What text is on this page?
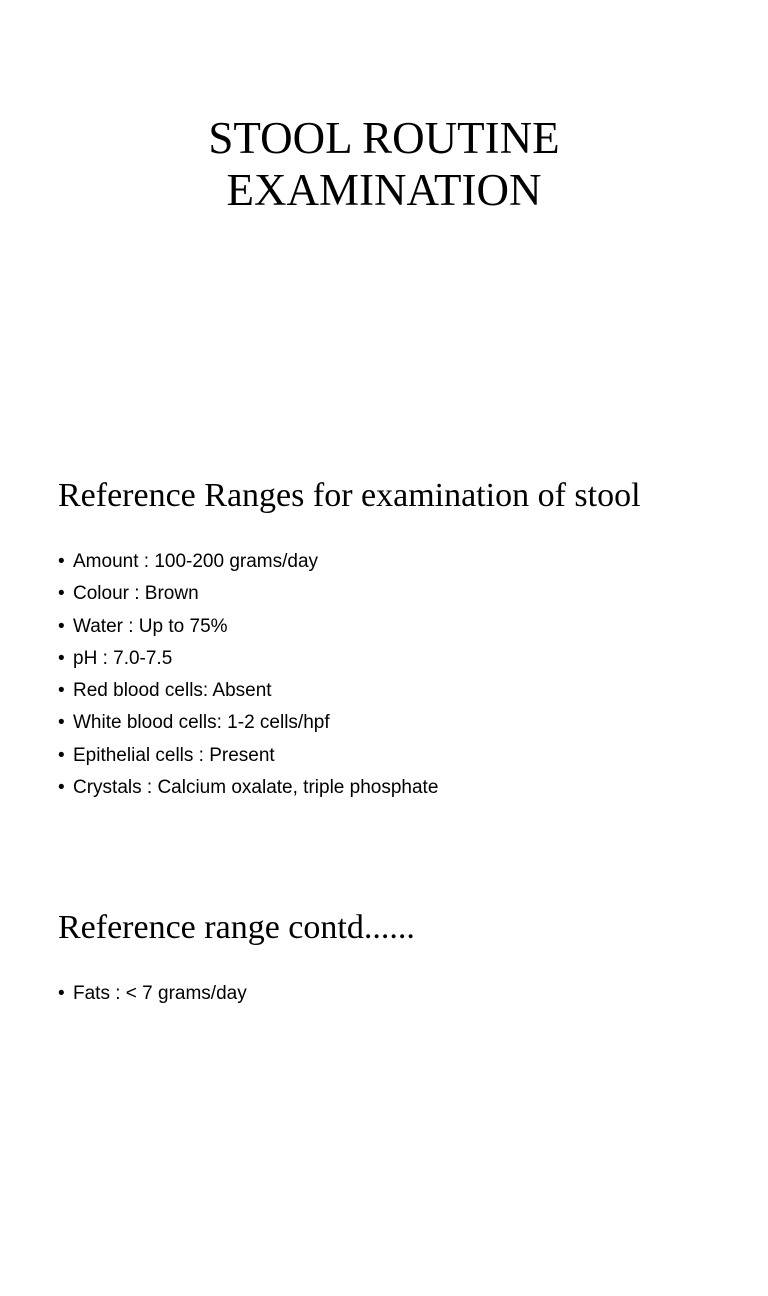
STOOL ROUTINE
EXAMINATION
Reference Ranges for examination of stool
• Amount : 100-200 grams/day
• Colour : Brown
• Water : Up to 75%
• pH : 7.0-7.5
• Red blood cells: Absent
• White blood cells: 1-2 cells/hpf
• Epithelial cells : Present
• Crystals : Calcium oxalate, triple phosphate
Reference range contd......
• Fats : < 7 grams/day
